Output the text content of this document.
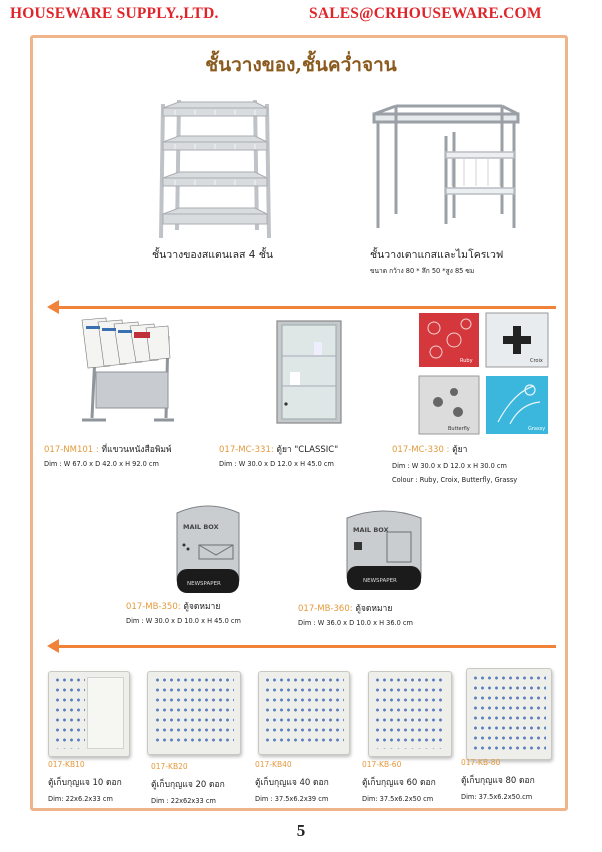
HOUSEWARE SUPPLY.,LTD.	SALES@CRHOUSEWARE.COM
ชั้นวางของ,ชั้นคว่ำจาน
ชั้นวางของสแตนเลส 4 ชั้น	ชั้นวางเตาแกสและไมโครเวฟ
ขนาด กว้าง 80 * ลึก 50 *สูง 85 ซม
Ruby	Croix
Butterfly	Grassy
017-NM101 : ที่แขวนหนังสือพิมพ์
Dim : W 67.0 x D 42.0 x H 92.0 cm
017-MC-331: ตู้ยา "CLASSIC"
Dim : W 30.0 x D 12.0 x H 45.0 cm
017-MC-330 : ตู้ยา
Dim : W 30.0 x D 12.0 x H 30.0 cm
Colour : Ruby, Croix, Butterfly, Grassy
MAIL BOX
NEWSPAPER
MAIL BOX
NEWSPAPER
017-MB-350: ตู้จดหมาย
Dim : W 30.0 x D 10.0 x H 45.0 cm
017-MB-360: ตู้จดหมาย
Dim : W 36.0 x D 10.0 x H 36.0 cm
017-KB10
ตู้เก็บกุญแจ 10 ดอก
Dim: 22x6.2x33 cm
017-KB20
ตู้เก็บกุญแจ 20 ดอก
Dim : 22x62x33 cm
017-KB40
ตู้เก็บกุญแจ 40 ดอก
Dim : 37.5x6.2x39 cm
017-KB-60
ตู้เก็บกุญแจ 60 ดอก
Dim: 37.5x6.2x50 cm
017-KB-80
ตู้เก็บกุญแจ 80 ดอก
Dim: 37.5x6.2x50.cm
5
